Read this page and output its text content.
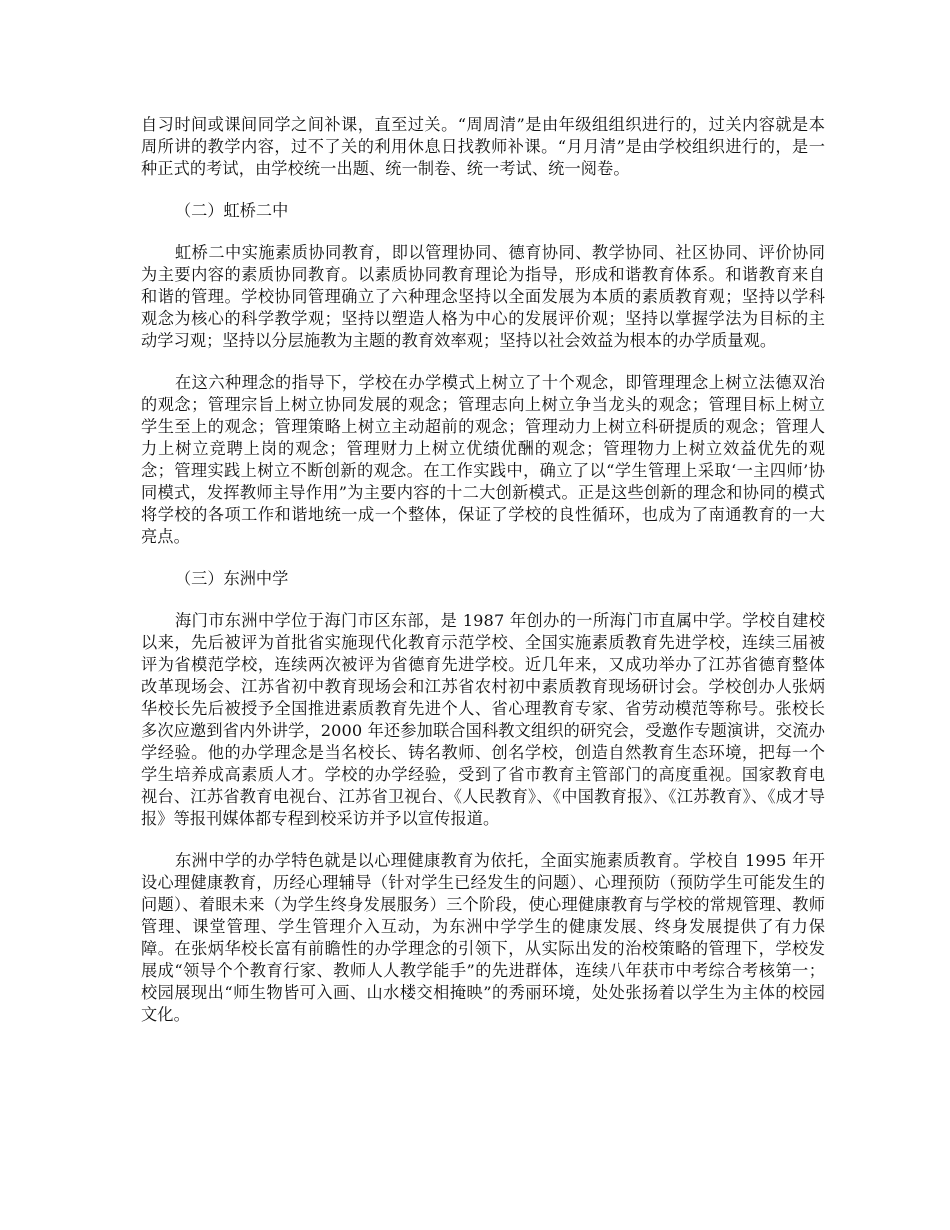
自习时间或课间同学之间补课，直至过关。“周周清”是由年级组组织进行的，过关内容就是本周所讲的教学内容，过不了关的利用休息日找教师补课。“月月清”是由学校组织进行的，是一种正式的考试，由学校统一出题、统一制卷、统一考试、统一阅卷。

（二）虹桥二中

虹桥二中实施素质协同教育，即以管理协同、德育协同、教学协同、社区协同、评价协同为主要内容的素质协同教育。以素质协同教育理论为指导，形成和谐教育体系。和谐教育来自和谐的管理。学校协同管理确立了六种理念坚持以全面发展为本质的素质教育观；坚持以学科观念为核心的科学教学观；坚持以塑造人格为中心的发展评价观；坚持以掌握学法为目标的主动学习观；坚持以分层施教为主题的教育效率观；坚持以社会效益为根本的办学质量观。

在这六种理念的指导下，学校在办学模式上树立了十个观念，即管理理念上树立法德双治的观念；管理宗旨上树立协同发展的观念；管理志向上树立争当龙头的观念；管理目标上树立学生至上的观念；管理策略上树立主动超前的观念；管理动力上树立科研提质的观念；管理人力上树立竞聘上岗的观念；管理财力上树立优绩优酬的观念；管理物力上树立效益优先的观念；管理实践上树立不断创新的观念。在工作实践中，确立了以“学生管理上采取‘一主四师’协同模式，发挥教师主导作用”为主要内容的十二大创新模式。正是这些创新的理念和协同的模式将学校的各项工作和谐地统一成一个整体，保证了学校的良性循环，也成为了南通教育的一大亮点。

（三）东洲中学

海门市东洲中学位于海门市区东部，是 1987 年创办的一所海门市直属中学。学校自建校以来，先后被评为首批省实施现代化教育示范学校、全国实施素质教育先进学校，连续三届被评为省模范学校，连续两次被评为省德育先进学校。近几年来，又成功举办了江苏省德育整体改革现场会、江苏省初中教育现场会和江苏省农村初中素质教育现场研讨会。学校创办人张炳华校长先后被授予全国推进素质教育先进个人、省心理教育专家、省劳动模范等称号。张校长多次应邀到省内外讲学，2000 年还参加联合国科教文组织的研究会，受邀作专题演讲，交流办学经验。他的办学理念是当名校长、铸名教师、创名学校，创造自然教育生态环境，把每一个学生培养成高素质人才。学校的办学经验，受到了省市教育主管部门的高度重视。国家教育电视台、江苏省教育电视台、江苏省卫视台、《人民教育》、《中国教育报》、《江苏教育》、《成才导报》等报刊媒体都专程到校采访并予以宣传报道。

东洲中学的办学特色就是以心理健康教育为依托，全面实施素质教育。学校自 1995 年开设心理健康教育，历经心理辅导（针对学生已经发生的问题）、心理预防（预防学生可能发生的问题）、着眼未来（为学生终身发展服务）三个阶段，使心理健康教育与学校的常规管理、教师管理、课堂管理、学生管理介入互动，为东洲中学学生的健康发展、终身发展提供了有力保障。在张炳华校长富有前瞻性的办学理念的引领下，从实际出发的治校策略的管理下，学校发展成“领导个个教育行家、教师人人教学能手”的先进群体，连续八年获市中考综合考核第一；校园展现出“师生物皆可入画、山水楼交相掩映”的秀丽环境，处处张扬着以学生为主体的校园文化。
